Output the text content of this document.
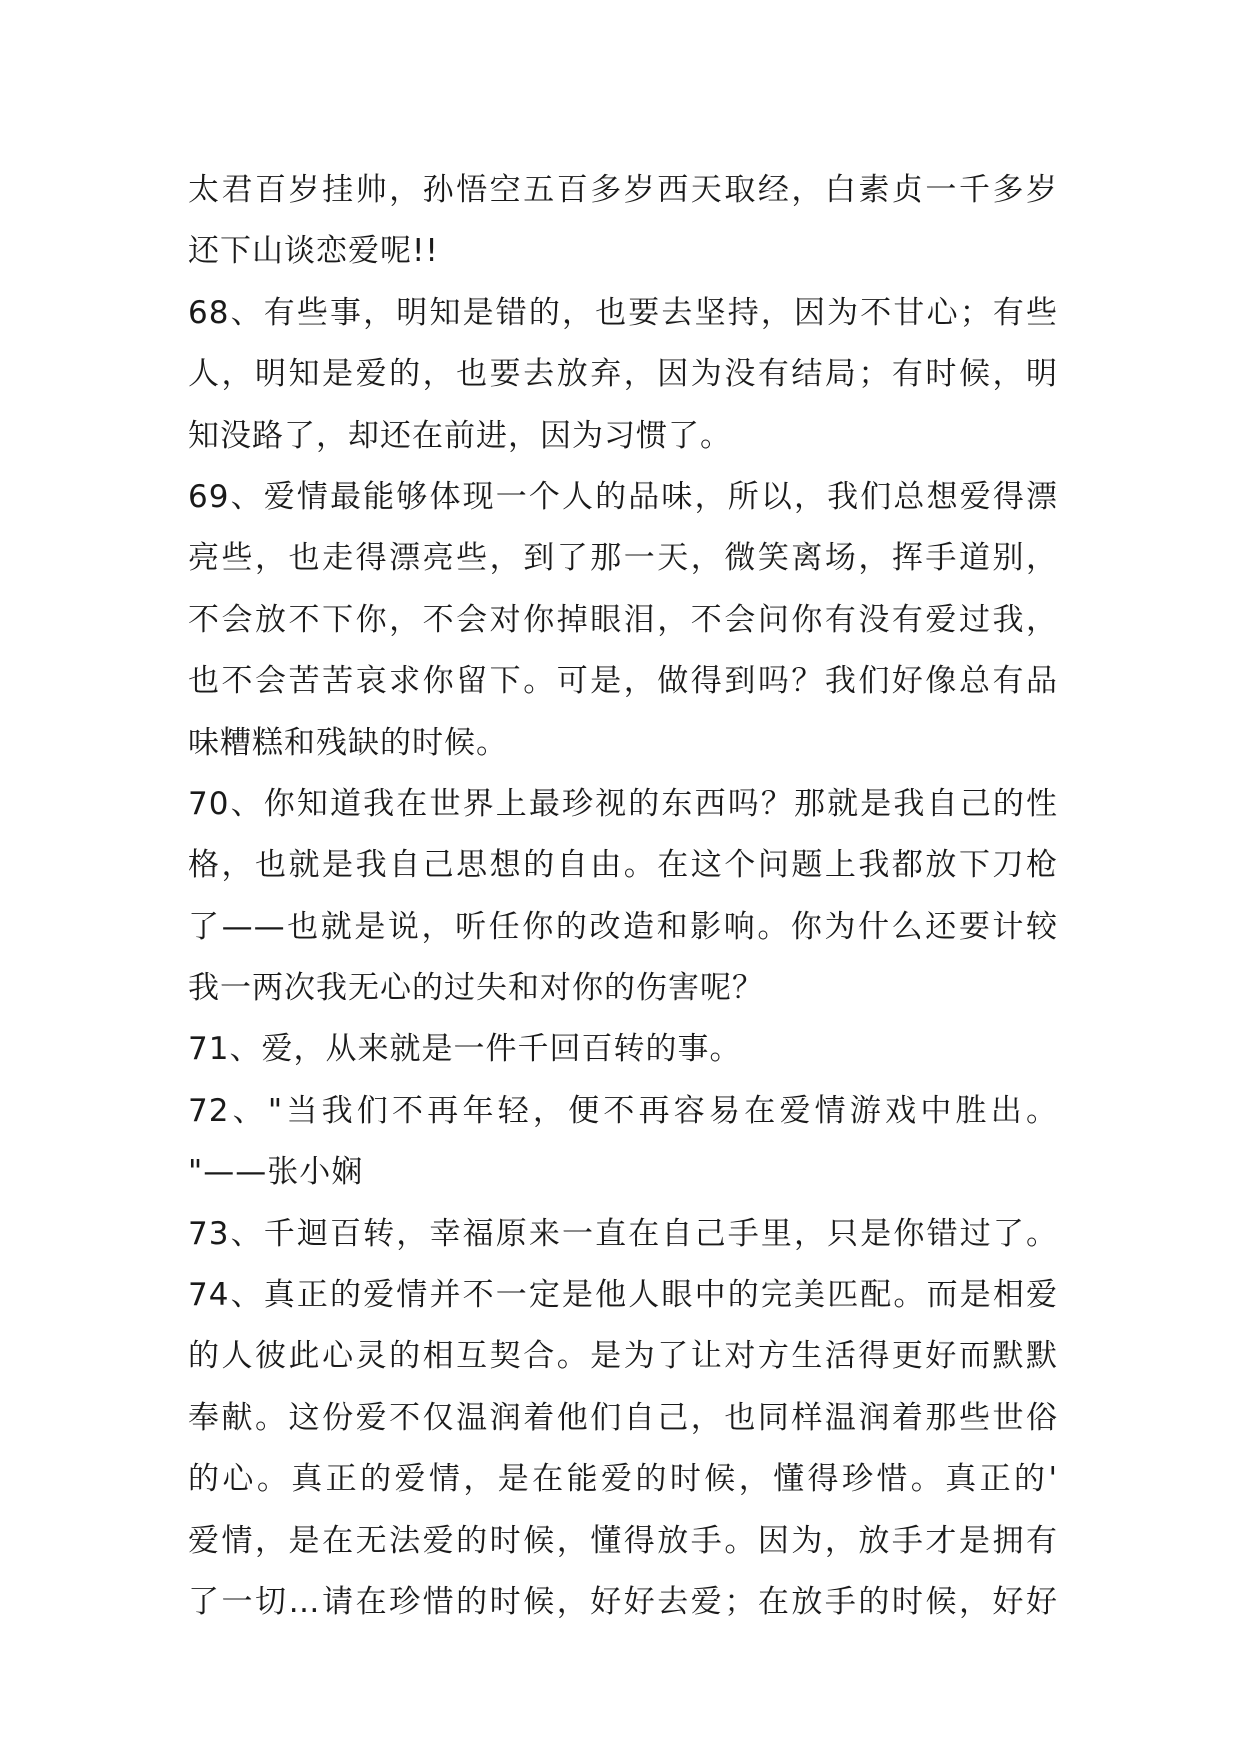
太君百岁挂帅，孙悟空五百多岁西天取经，白素贞一千多岁
还下山谈恋爱呢!!
68、有些事，明知是错的，也要去坚持，因为不甘心；有些
人，明知是爱的，也要去放弃，因为没有结局；有时候，明
知没路了，却还在前进，因为习惯了。
69、爱情最能够体现一个人的品味，所以，我们总想爱得漂
亮些，也走得漂亮些，到了那一天，微笑离场，挥手道别，
不会放不下你，不会对你掉眼泪，不会问你有没有爱过我，
也不会苦苦哀求你留下。可是，做得到吗？我们好像总有品
味糟糕和残缺的时候。
70、你知道我在世界上最珍视的东西吗？那就是我自己的性
格，也就是我自己思想的自由。在这个问题上我都放下刀枪
了——也就是说，听任你的改造和影响。你为什么还要计较
我一两次我无心的过失和对你的伤害呢？
71、爱，从来就是一件千回百转的事。
72、"当我们不再年轻，便不再容易在爱情游戏中胜出。
"——张小娴
73、千迴百转，幸福原来一直在自己手里，只是你错过了。
74、真正的爱情并不一定是他人眼中的完美匹配。而是相爱
的人彼此心灵的相互契合。是为了让对方生活得更好而默默
奉献。这份爱不仅温润着他们自己，也同样温润着那些世俗
的心。真正的爱情，是在能爱的时候，懂得珍惜。真正的'
爱情，是在无法爱的时候，懂得放手。因为，放手才是拥有
了一切…请在珍惜的时候，好好去爱；在放手的时候，好好
